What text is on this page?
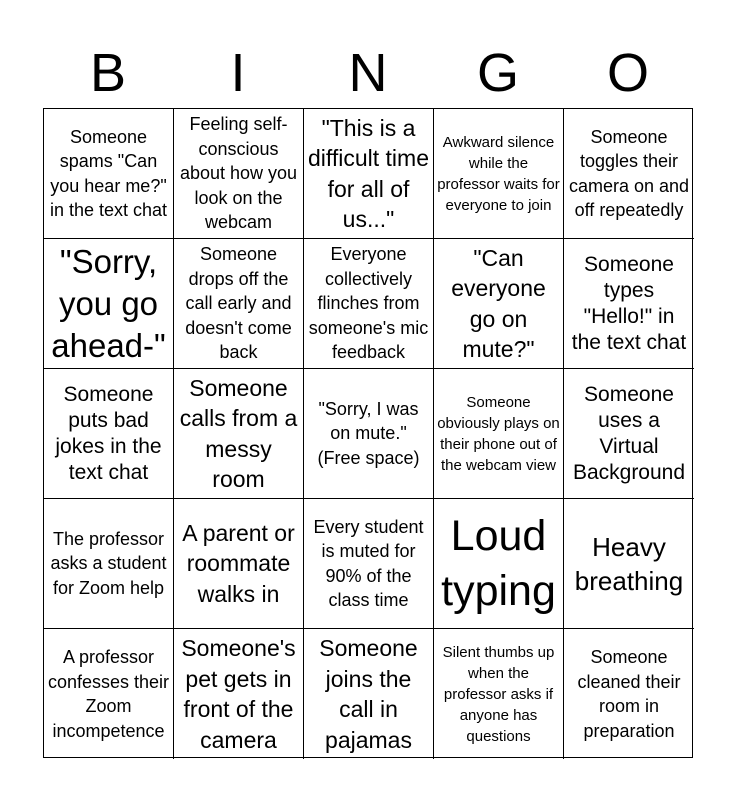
B	I	N	G	O
Someone spams "Can you hear me?" in the text chat
Feeling self-conscious about how you look on the webcam
"This is a difficult time for all of us..."
Awkward silence while the professor waits for everyone to join
Someone toggles their camera on and off repeatedly
"Sorry, you go ahead-"
Someone drops off the call early and doesn't come back
Everyone collectively flinches from someone's mic feedback
"Can everyone go on mute?"
Someone types "Hello!" in the text chat
Someone puts bad jokes in the text chat
Someone calls from a messy room
"Sorry, I was on mute." (Free space)
Someone obviously plays on their phone out of the webcam view
Someone uses a Virtual Background
The professor asks a student for Zoom help
A parent or roommate walks in
Every student is muted for 90% of the class time
Loud typing
Heavy breathing
A professor confesses their Zoom incompetence
Someone's pet gets in front of the camera
Someone joins the call in pajamas
Silent thumbs up when the professor asks if anyone has questions
Someone cleaned their room in preparation
